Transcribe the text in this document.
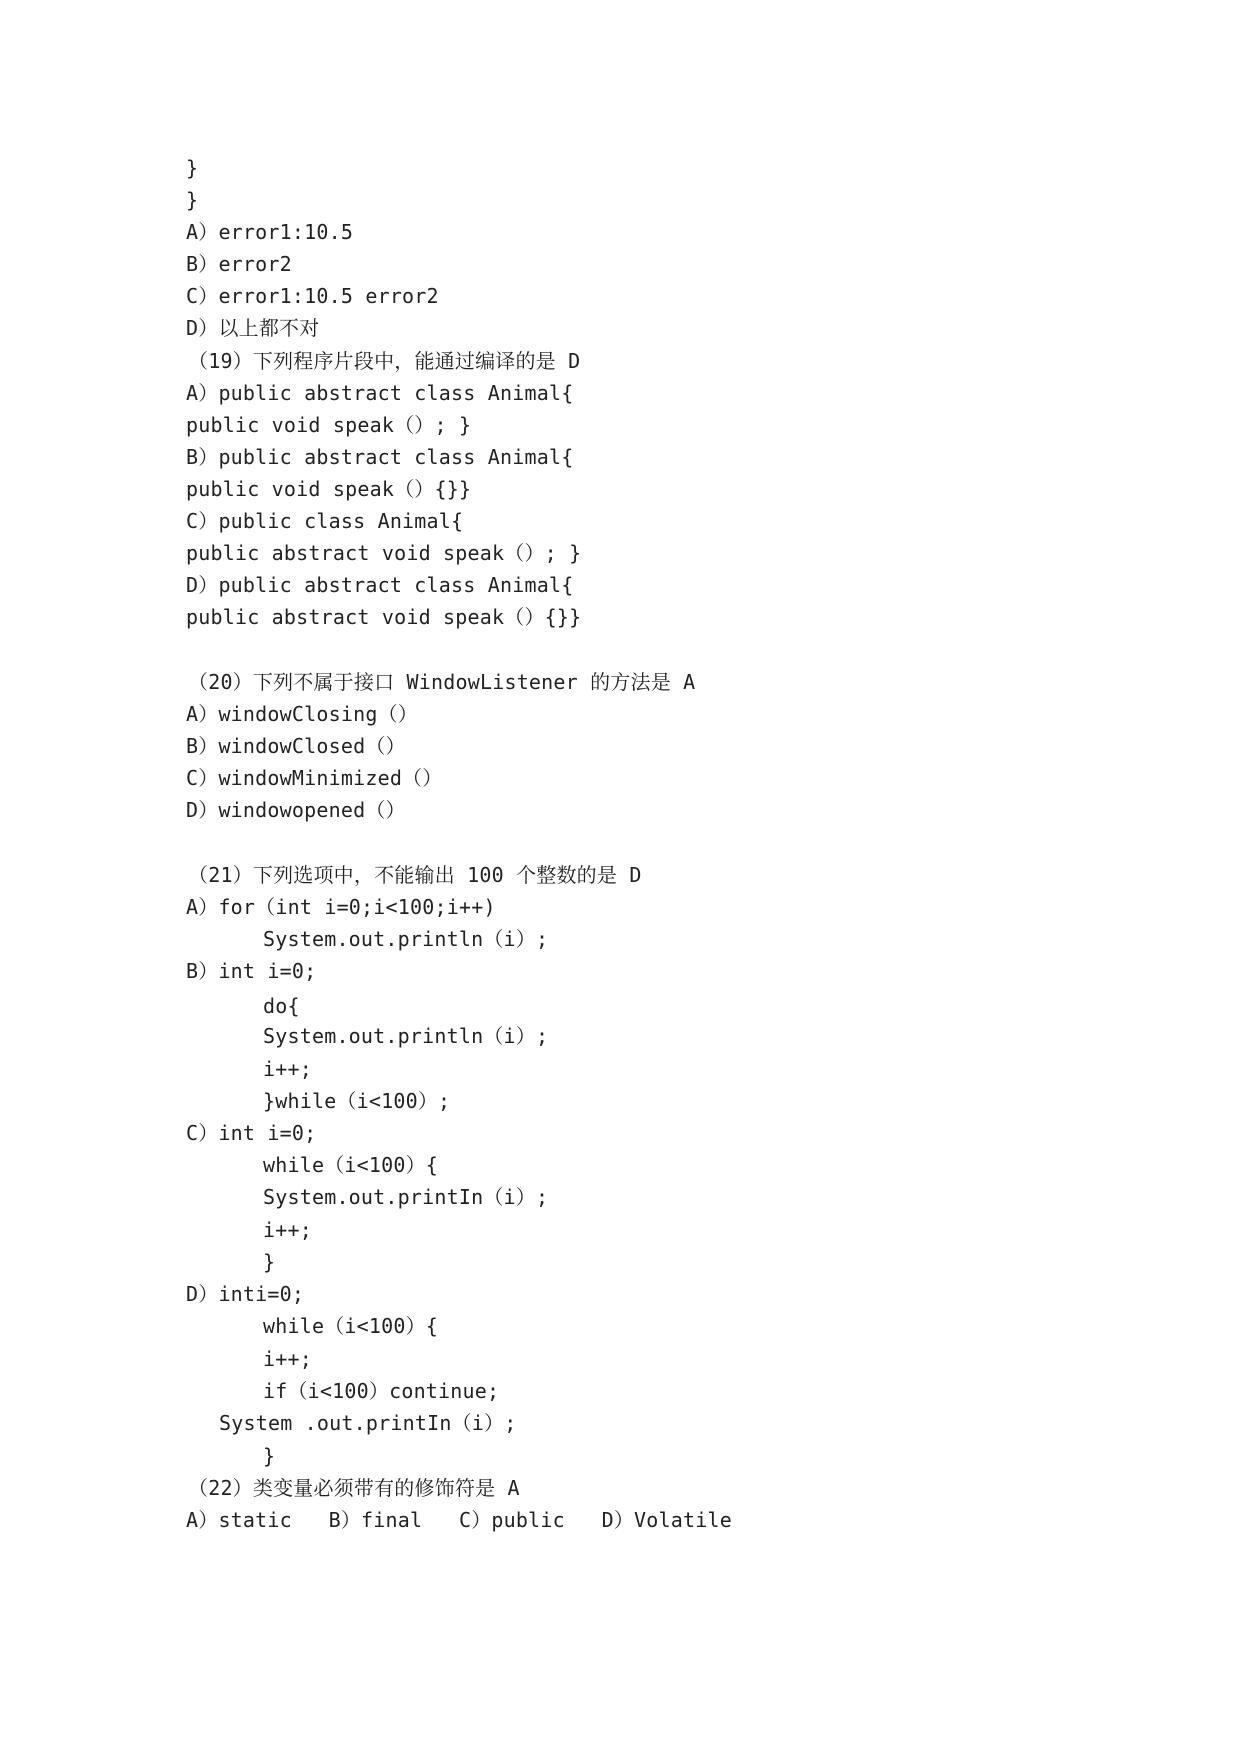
}
}
A）error1:10.5
B）error2
C）error1:10.5 error2
D）以上都不对
（19）下列程序片段中，能通过编译的是 D
A）public abstract class Animal{
public void speak（）; }
B）public abstract class Animal{
public void speak（）{}}
C）public class Animal{
public abstract void speak（）; }
D）public abstract class Animal{
public abstract void speak（）{}}
（20）下列不属于接口 WindowListener 的方法是 A
A）windowClosing（）
B）windowClosed（）
C）windowMinimized（）
D）windowopened（）
（21）下列选项中，不能输出 100 个整数的是 D
A）for（int i=0;i<100;i++)
System.out.println（i）;
B）int i=0;
do{
System.out.println（i）;
i++;
}while（i<100）;
C）int i=0;
while（i<100）{
System.out.printIn（i）;
i++;
}
D）inti=0;
while（i<100）{
i++;
if（i<100）continue;
System .out.printIn（i）;
}
（22）类变量必须带有的修饰符是 A
A）static   B）final   C）public   D）Volatile
